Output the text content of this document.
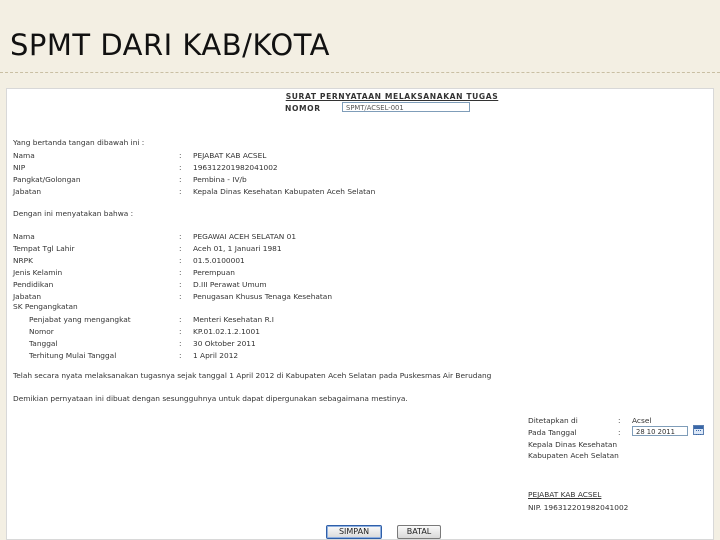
SPMT DARI KAB/KOTA
SURAT PERNYATAAN MELAKSANAKAN TUGAS
NOMOR	SPMT/ACSEL-001
Yang bertanda tangan dibawah ini :
Nama	: PEJABAT KAB ACSEL
NIP	: 196312201982041002
Pangkat/Golongan	: Pembina - IV/b
Jabatan	: Kepala Dinas Kesehatan Kabupaten Aceh Selatan
Dengan ini menyatakan bahwa :
Nama	: PEGAWAI ACEH SELATAN 01
Tempat Tgl Lahir	: Aceh 01, 1 Januari 1981
NRPK	: 01.5.0100001
Jenis Kelamin	: Perempuan
Pendidikan	: D.III Perawat Umum
Jabatan	: Penugasan Khusus Tenaga Kesehatan
SK Pengangkatan
Penjabat yang mengangkat	: Menteri Kesehatan R.I
Nomor	: KP.01.02.1.2.1001
Tanggal	: 30 Oktober 2011
Terhitung Mulai Tanggal	: 1 April 2012
Telah secara nyata melaksanakan tugasnya sejak tanggal 1 April 2012 di Kabupaten Aceh Selatan pada Puskesmas Air Berudang
Demikian pernyataan ini dibuat dengan sesungguhnya untuk dapat dipergunakan sebagaimana mestinya.
Ditetapkan di	: Acsel
Pada Tanggal	:	28 10 2011
Kepala Dinas Kesehatan
Kabupaten Aceh Selatan
PEJABAT KAB ACSEL
NIP. 196312201982041002
SIMPAN	BATAL
